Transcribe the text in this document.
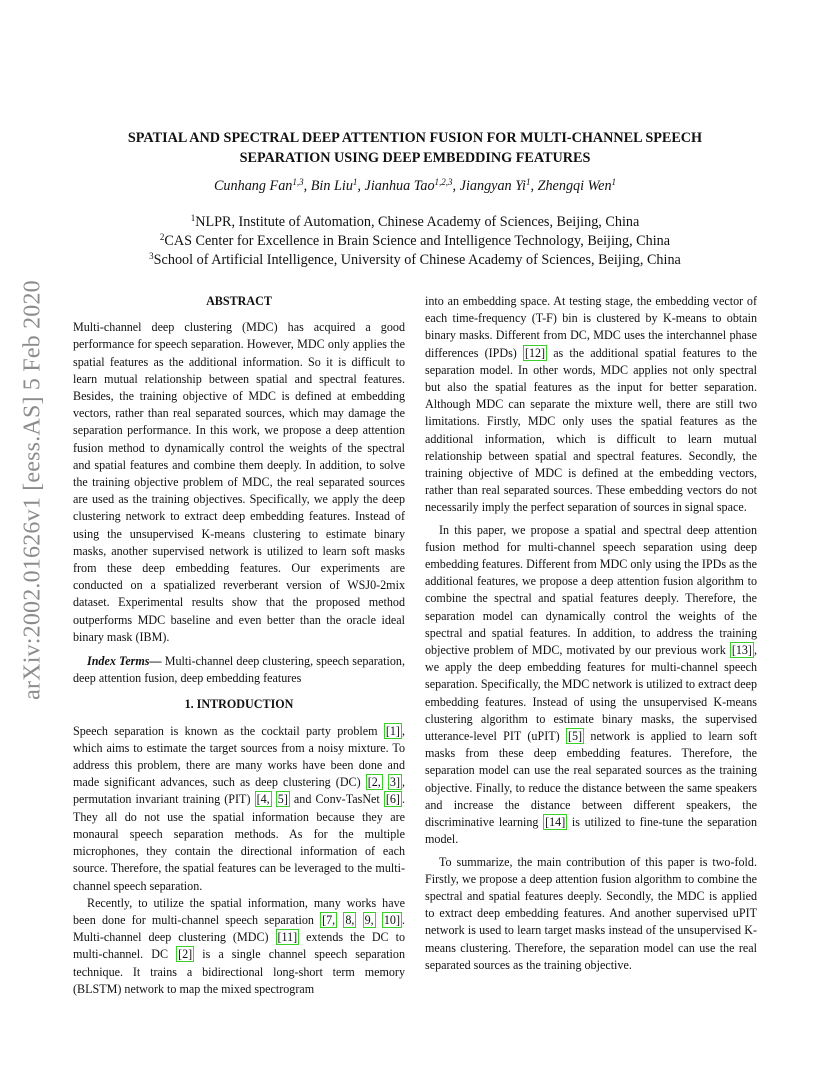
arXiv:2002.01626v1 [eess.AS] 5 Feb 2020
SPATIAL AND SPECTRAL DEEP ATTENTION FUSION FOR MULTI-CHANNEL SPEECH
SEPARATION USING DEEP EMBEDDING FEATURES
Cunhang Fan$^{1,3}$, Bin Liu$^1$, Jianhua Tao$^{1,2,3}$, Jiangyan Yi$^1$, Zhengqi Wen$^1$
$^1$NLPR, Institute of Automation, Chinese Academy of Sciences, Beijing, China
$^2$CAS Center for Excellence in Brain Science and Intelligence Technology, Beijing, China
$^3$School of Artificial Intelligence, University of Chinese Academy of Sciences, Beijing, China

ABSTRACT

Multi-channel deep clustering (MDC) has acquired a good performance for speech separation. However, MDC only applies the spatial features as the additional information. So it is difficult to learn mutual relationship between spatial and spectral features. Besides, the training objective of MDC is defined at embedding vectors, rather than real separated sources, which may damage the separation performance. In this work, we propose a deep attention fusion method to dynamically control the weights of the spectral and spatial features and combine them deeply. In addition, to solve the training objective problem of MDC, the real separated sources are used as the training objectives. Specifically, we apply the deep clustering network to extract deep embedding features. Instead of using the unsupervised K-means clustering to estimate binary masks, another supervised network is utilized to learn soft masks from these deep embedding features. Our experiments are conducted on a spatialized reverberant version of WSJ0-2mix dataset. Experimental results show that the proposed method outperforms MDC baseline and even better than the oracle ideal binary mask (IBM).

Index Terms— Multi-channel deep clustering, speech separation, deep attention fusion, deep embedding features

1. INTRODUCTION

Speech separation is known as the cocktail party problem [1] , which aims to estimate the target sources from a noisy mixture. To address this problem, there are many works have been done and made significant advances, such as deep clustering (DC) [2, 3] , permutation invariant training (PIT) [4, 5] and Conv-TasNet [6] . They all do not use the spatial information because they are monaural speech separation methods. As for the multiple microphones, they contain the directional information of each source. Therefore, the spatial features can be leveraged to the multi-channel speech separation.

Recently, to utilize the spatial information, many works have been done for multi-channel speech separation [7, 8, 9, 10] . Multi-channel deep clustering (MDC) [11] extends the DC to multi-channel. DC [2] is a single channel speech separation technique. It trains a bidirectional long-short term memory (BLSTM) network to map the mixed spectrogram

into an embedding space. At testing stage, the embedding vector of each time-frequency (T-F) bin is clustered by K-means to obtain binary masks. Different from DC, MDC uses the interchannel phase differences (IPDs) [12] as the additional spatial features to the separation model. In other words, MDC applies not only spectral but also the spatial features as the input for better separation. Although MDC can separate the mixture well, there are still two limitations. Firstly, MDC only uses the spatial features as the additional information, which is difficult to learn mutual relationship between spatial and spectral features. Secondly, the training objective of MDC is defined at the embedding vectors, rather than real separated sources. These embedding vectors do not necessarily imply the perfect separation of sources in signal space.

In this paper, we propose a spatial and spectral deep attention fusion method for multi-channel speech separation using deep embedding features. Different from MDC only using the IPDs as the additional features, we propose a deep attention fusion algorithm to combine the spectral and spatial features deeply. Therefore, the separation model can dynamically control the weights of the spectral and spatial features. In addition, to address the training objective problem of MDC, motivated by our previous work [13] , we apply the deep embedding features for multi-channel speech separation. Specifically, the MDC network is utilized to extract deep embedding features. Instead of using the unsupervised K-means clustering algorithm to estimate binary masks, the supervised utterance-level PIT (uPIT) [5] network is applied to learn soft masks from these deep embedding features. Therefore, the separation model can use the real separated sources as the training objective. Finally, to reduce the distance between the same speakers and increase the distance between different speakers, the discriminative learning [14] is utilized to fine-tune the separation model.

To summarize, the main contribution of this paper is two-fold. Firstly, we propose a deep attention fusion algorithm to combine the spectral and spatial features deeply. Secondly, the MDC is applied to extract deep embedding features. And another supervised uPIT network is used to learn target masks instead of the unsupervised K-means clustering. Therefore, the separation model can use the real separated sources as the training objective.
